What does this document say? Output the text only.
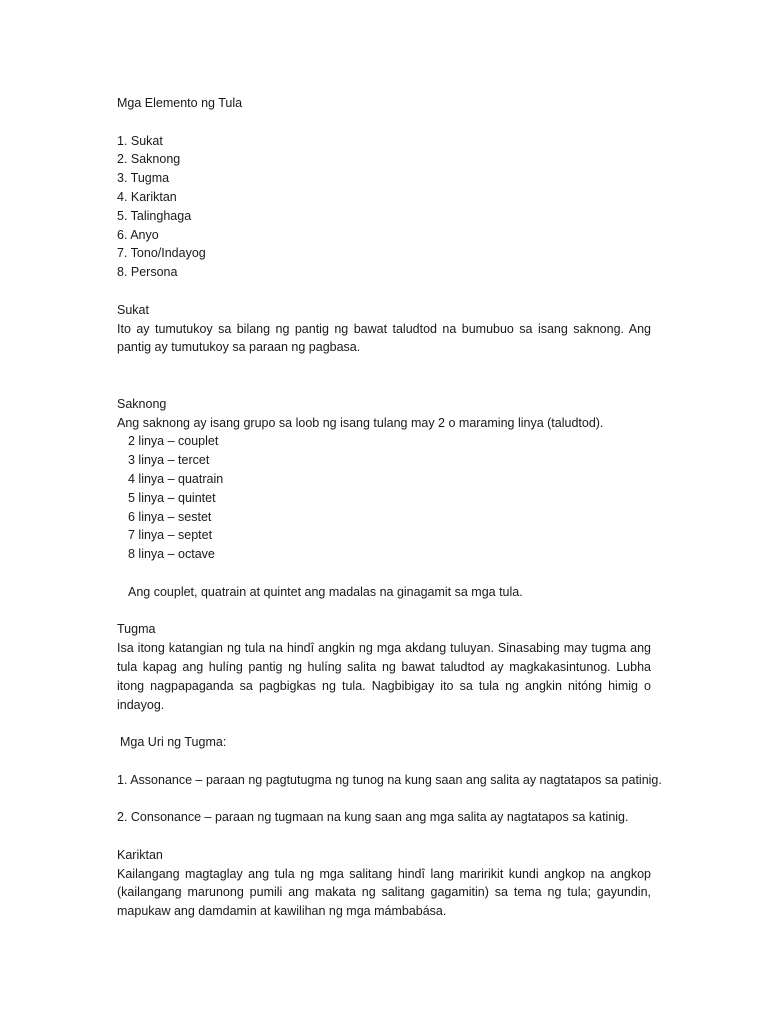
Mga Elemento ng Tula
1. Sukat
2. Saknong
3. Tugma
4. Kariktan
5. Talinghaga
6. Anyo
7. Tono/Indayog
8. Persona
Sukat

Ito ay tumutukoy sa bilang ng pantig ng bawat taludtod na bumubuo sa isang saknong. Ang pantig ay tumutukoy sa paraan ng pagbasa.

Saknong
Ang saknong ay isang grupo sa loob ng isang tulang may 2 o maraming linya (taludtod).
2 linya – couplet
3 linya – tercet
4 linya – quatrain
5 linya – quintet
6 linya – sestet
7 linya – septet
8 linya – octave
Ang couplet, quatrain at quintet ang madalas na ginagamit sa mga tula.
Tugma

Isa itong katangian ng tula na hindî angkin ng mga akdang tuluyan. Sinasabing may tugma ang tula kapag ang hulíng pantig ng hulíng salita ng bawat taludtod ay magkakasintunog. Lubha itong nagpapaganda sa pagbigkas ng tula. Nagbibigay ito sa tula ng angkin nitóng himig o indayog.

Mga Uri ng Tugma:
1. Assonance – paraan ng pagtutugma ng tunog na kung saan ang salita ay nagtatapos sa patinig.
2. Consonance – paraan ng tugmaan na kung saan ang mga salita ay nagtatapos sa katinig.
Kariktan

Kailangang magtaglay ang tula ng mga salitang hindî lang maririkit kundi angkop na angkop (kailangang marunong pumili ang makata ng salitang gagamitin) sa tema ng tula; gayundin, mapukaw ang damdamin at kawilihan ng mga mámbabása.
